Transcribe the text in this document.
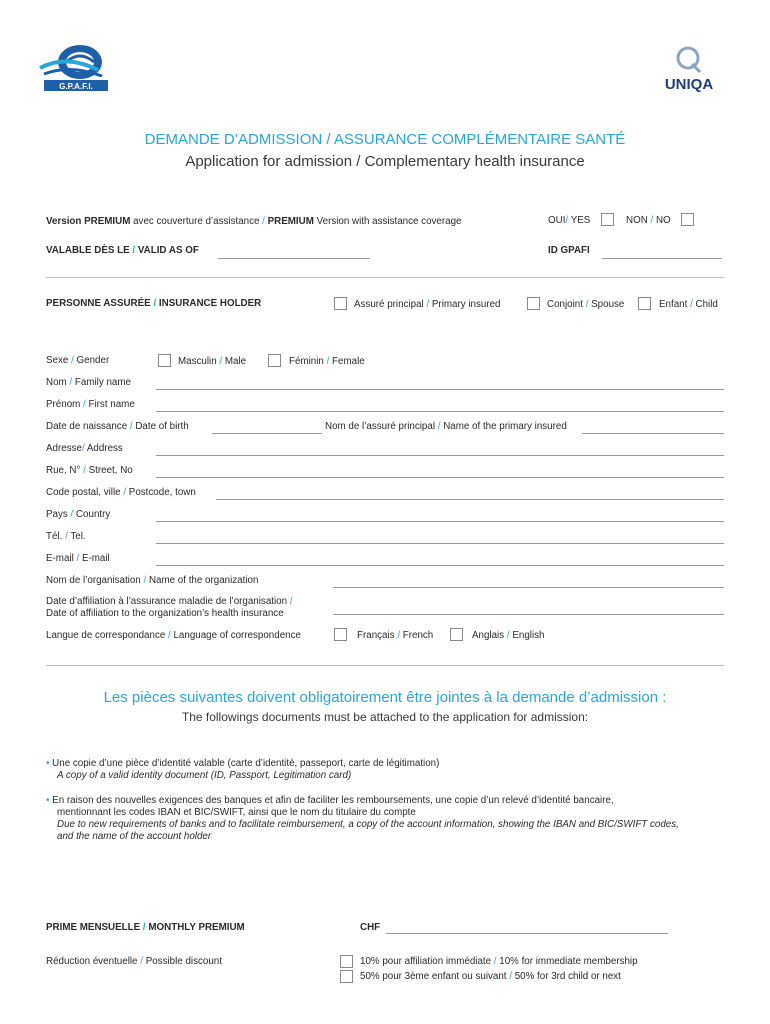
G.P.A.F.I.	UNIQA
DEMANDE D’ADMISSION / ASSURANCE COMPLÉMENTAIRE SANTÉ
Application for admission / Complementary health insurance
Version PREMIUM avec couverture d’assistance / PREMIUM Version with assistance coverage	OUI/ YES	NON / NO
VALABLE DÈS LE / VALID AS OF	ID GPAFI
PERSONNE ASSURÉE / INSURANCE HOLDER	Assuré principal / Primary insured	Conjoint / Spouse	Enfant / Child
Sexe / Gender	Masculin / Male	Féminin / Female
Nom / Family name
Prénom / First name
Date de naissance / Date of birth	Nom de l’assuré principal / Name of the primary insured
Adresse/ Address
Rue, N° / Street, No
Code postal, ville / Postcode, town
Pays / Country
Tél. / Tel.
E-mail / E-mail
Nom de l’organisation / Name of the organization
Date d’affiliation à l’assurance maladie de l’organisation /
Date of affiliation to the organization’s health insurance
Langue de correspondance / Language of correspondence	Français / French	Anglais / English
Les pièces suivantes doivent obligatoirement être jointes à la demande d’admission :
The followings documents must be attached to the application for admission:
• Une copie d’une pièce d’identité valable (carte d’identité, passeport, carte de légitimation)
A copy of a valid identity document (ID, Passport, Legitimation card)
• En raison des nouvelles exigences des banques et afin de faciliter les remboursements, une copie d’un relevé d’identité bancaire,
mentionnant les codes IBAN et BIC/SWIFT, ainsi que le nom du titulaire du compte
Due to new requirements of banks and to facilitate reimbursement, a copy of the account information, showing the IBAN and BIC/SWIFT codes,
and the name of the account holder
PRIME MENSUELLE / MONTHLY PREMIUM	CHF
Réduction éventuelle / Possible discount	10% pour affiliation immédiate / 10% for immediate membership
50% pour 3ème enfant ou suivant / 50% for 3rd child or next
